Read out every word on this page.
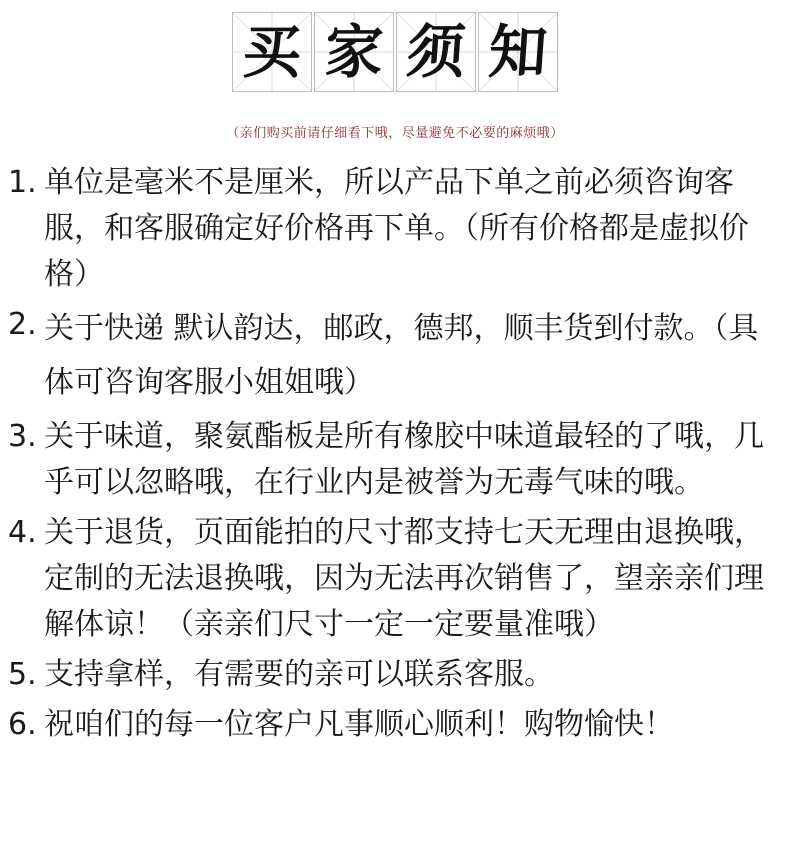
买 家 须 知
（亲们购买前请仔细看下哦，尽量避免不必要的麻烦哦）
1. 单位是毫米不是厘米，所以产品下单之前必须咨询客服，和客服确定好价格再下单。（所有价格都是虚拟价格）
2. 关于快递 默认韵达，邮政，德邦，顺丰货到付款。（具体可咨询客服小姐姐哦）
3. 关于味道，聚氨酯板是所有橡胶中味道最轻的了哦，几乎可以忽略哦，在行业内是被誉为无毒气味的哦。
4. 关于退货，页面能拍的尺寸都支持七天无理由退换哦，定制的无法退换哦，因为无法再次销售了，望亲亲们理解体谅！（亲亲们尺寸一定一定要量准哦）
5. 支持拿样，有需要的亲可以联系客服。
6. 祝咱们的每一位客户凡事顺心顺利！购物愉快！
